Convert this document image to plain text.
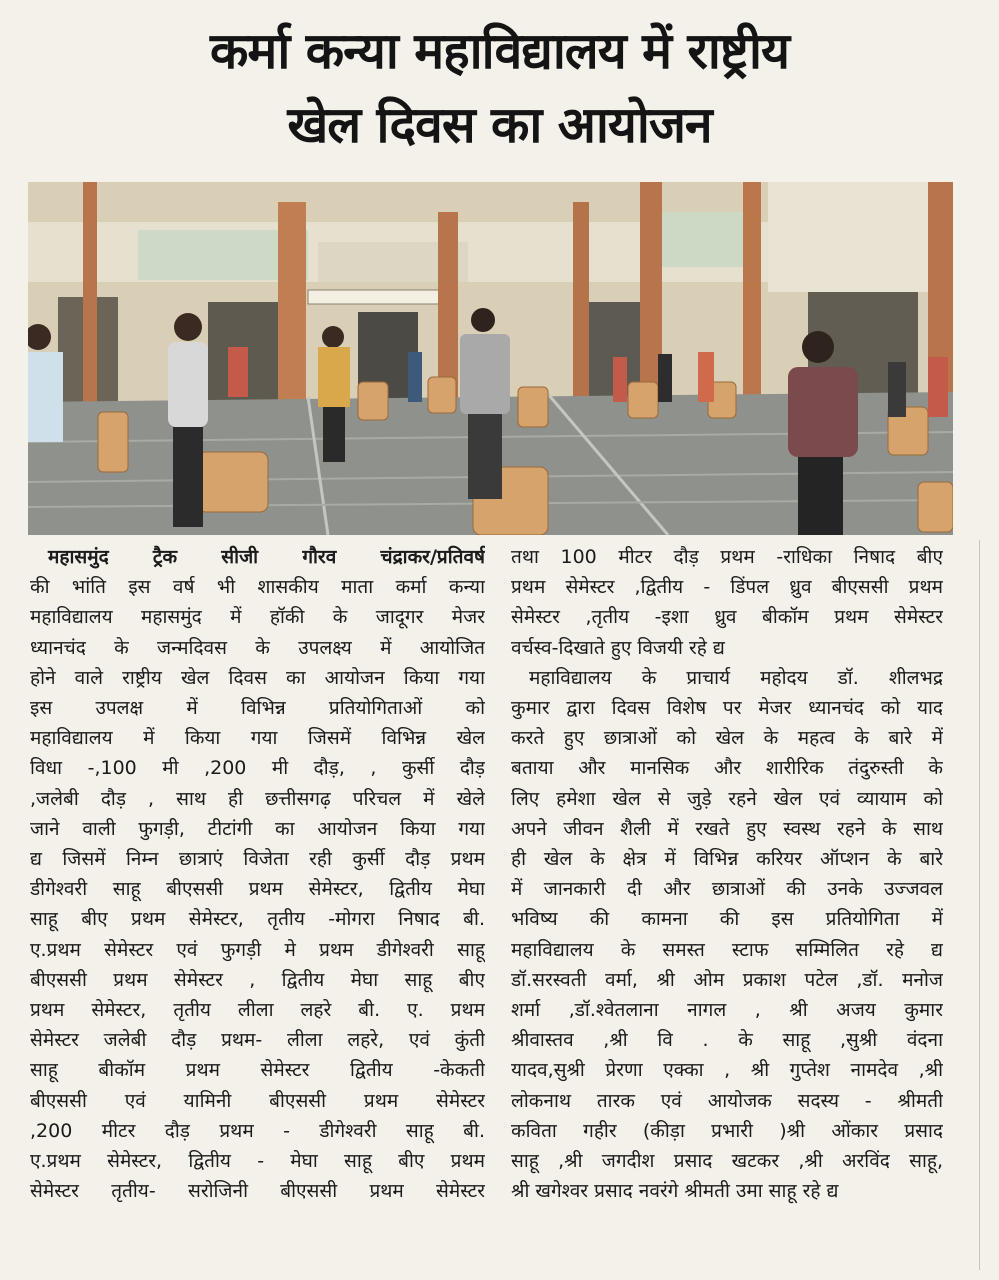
कर्मा कन्या महाविद्यालय में राष्ट्रीय
खेल दिवस का आयोजन
महासमुंद ट्रैक सीजी गौरव चंद्राकर/प्रतिवर्ष
की भांति इस वर्ष भी शासकीय माता कर्मा कन्या
महाविद्यालय महासमुंद में हॉकी के जादूगर मेजर
ध्यानचंद के जन्मदिवस के उपलक्ष्य में आयोजित
होने वाले राष्ट्रीय खेल दिवस का आयोजन किया गया
इस उपलक्ष में विभिन्न प्रतियोगिताओं को
महाविद्यालय में किया गया जिसमें विभिन्न खेल
विधा -,100 मी ,200 मी दौड़, , कुर्सी दौड़
,जलेबी दौड़ , साथ ही छत्तीसगढ़ परिचल में खेले
जाने वाली फुगड़ी, टीटांगी का आयोजन किया गया
द्य जिसमें निम्न छात्राएं विजेता रही कुर्सी दौड़ प्रथम
डीगेश्वरी साहू बीएससी प्रथम सेमेस्टर, द्वितीय मेघा
साहू बीए प्रथम सेमेस्टर, तृतीय -मोगरा निषाद बी.
ए.प्रथम सेमेस्टर एवं फुगड़ी मे प्रथम डीगेश्वरी साहू
बीएससी प्रथम सेमेस्टर , द्वितीय मेघा साहू बीए
प्रथम सेमेस्टर, तृतीय लीला लहरे बी. ए. प्रथम
सेमेस्टर जलेबी दौड़ प्रथम- लीला लहरे, एवं कुंती
साहू बीकॉम प्रथम सेमेस्टर द्वितीय -केकती
बीएससी एवं यामिनी बीएससी प्रथम सेमेस्टर
,200 मीटर दौड़ प्रथम - डीगेश्वरी साहू बी.
ए.प्रथम सेमेस्टर, द्वितीय - मेघा साहू बीए प्रथम
सेमेस्टर तृतीय- सरोजिनी बीएससी प्रथम सेमेस्टर
तथा 100 मीटर दौड़ प्रथम -राधिका निषाद बीए
प्रथम सेमेस्टर ,द्वितीय - डिंपल ध्रुव बीएससी प्रथम
सेमेस्टर ,तृतीय -इशा ध्रुव बीकॉम प्रथम सेमेस्टर
वर्चस्व-दिखाते हुए विजयी रहे द्य
महाविद्यालय के प्राचार्य महोदय डॉ. शीलभद्र
कुमार द्वारा दिवस विशेष पर मेजर ध्यानचंद को याद
करते हुए छात्राओं को खेल के महत्व के बारे में
बताया और मानसिक और शारीरिक तंदुरुस्ती के
लिए हमेशा खेल से जुड़े रहने खेल एवं व्यायाम को
अपने जीवन शैली में रखते हुए स्वस्थ रहने के साथ
ही खेल के क्षेत्र में विभिन्न करियर ऑप्शन के बारे
में जानकारी दी और छात्राओं की उनके उज्जवल
भविष्य की कामना की इस प्रतियोगिता में
महाविद्यालय के समस्त स्टाफ सम्मिलित रहे द्य
डॉ.सरस्वती वर्मा, श्री ओम प्रकाश पटेल ,डॉ. मनोज
शर्मा ,डॉ.श्वेतलाना नागल , श्री अजय कुमार
श्रीवास्तव ,श्री वि . के साहू ,सुश्री वंदना
यादव,सुश्री प्रेरणा एक्का , श्री गुप्तेश नामदेव ,श्री
लोकनाथ तारक एवं आयोजक सदस्य - श्रीमती
कविता गहीर (कीड़ा प्रभारी )श्री ओंकार प्रसाद
साहू ,श्री जगदीश प्रसाद खटकर ,श्री अरविंद साहू,
श्री खगेश्वर प्रसाद नवरंगे श्रीमती उमा साहू रहे द्य
